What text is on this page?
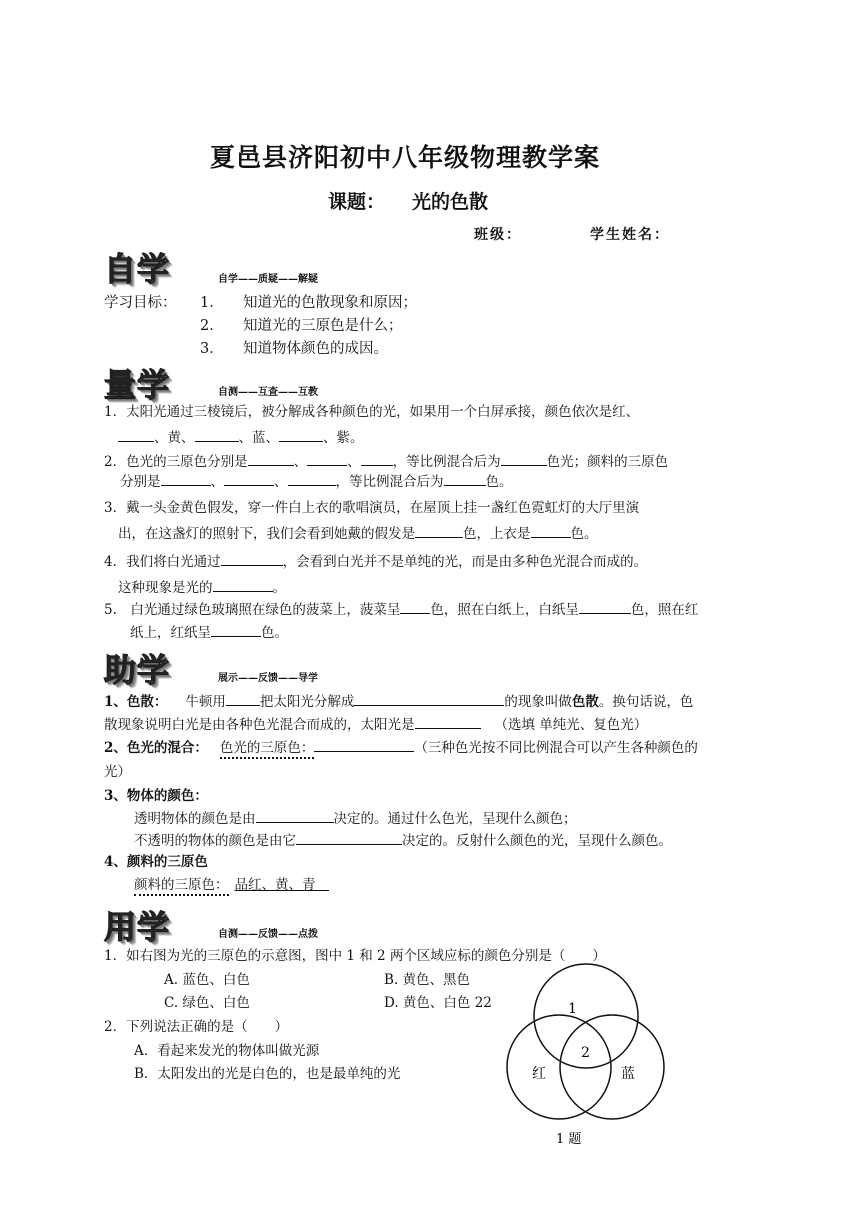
夏邑县济阳初中八年级物理教学案
课题： 光的色散
班级：	学生姓名：
自学	自学——质疑——解疑
学习目标： 1． 知道光的色散现象和原因；
2． 知道光的三原色是什么；
3． 知道物体颜色的成因。
量学	自测——互查——互教
1．太阳光通过三棱镜后，被分解成各种颜色的光，如果用一个白屏承接，颜色依次是红、
、黄、	、蓝、	、紫。
2．色光的三原色分别是	、	、 ，等比例混合后为	色光；颜料的三原色
分别是	、	、	，等比例混合后为	色。
3．戴一头金黄色假发，穿一件白上衣的歌唱演员，在屋顶上挂一盏红色霓虹灯的大厅里演
出，在这盏灯的照射下，我们会看到她戴的假发是	色，上衣是	色。
4．我们将白光通过	，会看到白光并不是单纯的光，而是由多种色光混合而成的。
这种现象是光的	。
5.　白光通过绿色玻璃照在绿色的菠菜上，菠菜呈 色，照在白纸上，白纸呈	色，照在红
纸上，红纸呈	色。
助学	展示——反馈——导学
1、色散： 牛顿用	把太阳光分解成	的现象叫做色散。换句话说，色
散现象说明白光是由各种色光混合而成的，太阳光是	（选填 单纯光、复色光）
2、色光的混合： 色光的三原色：	（三种色光按不同比例混合可以产生各种颜色的
光）
3、物体的颜色：
透明物体的颜色是由	决定的。通过什么色光，呈现什么颜色；
不透明的物体的颜色是由它	决定的。反射什么颜色的光，呈现什么颜色。
4、颜料的三原色
颜料的三原色： 品红、黄、青　
用学	自测——反馈——点拨
1．如右图为光的三原色的示意图，图中 1 和 2 两个区域应标的颜色分别是（　　）
A. 蓝色、白色	B. 黄色、黑色
C. 绿色、白色	D. 黄色、白色 22
2．下列说法正确的是（　　）
A．看起来发光的物体叫做光源
B．太阳发出的光是白色的，也是最单纯的光
1
2
红	蓝
1 题
